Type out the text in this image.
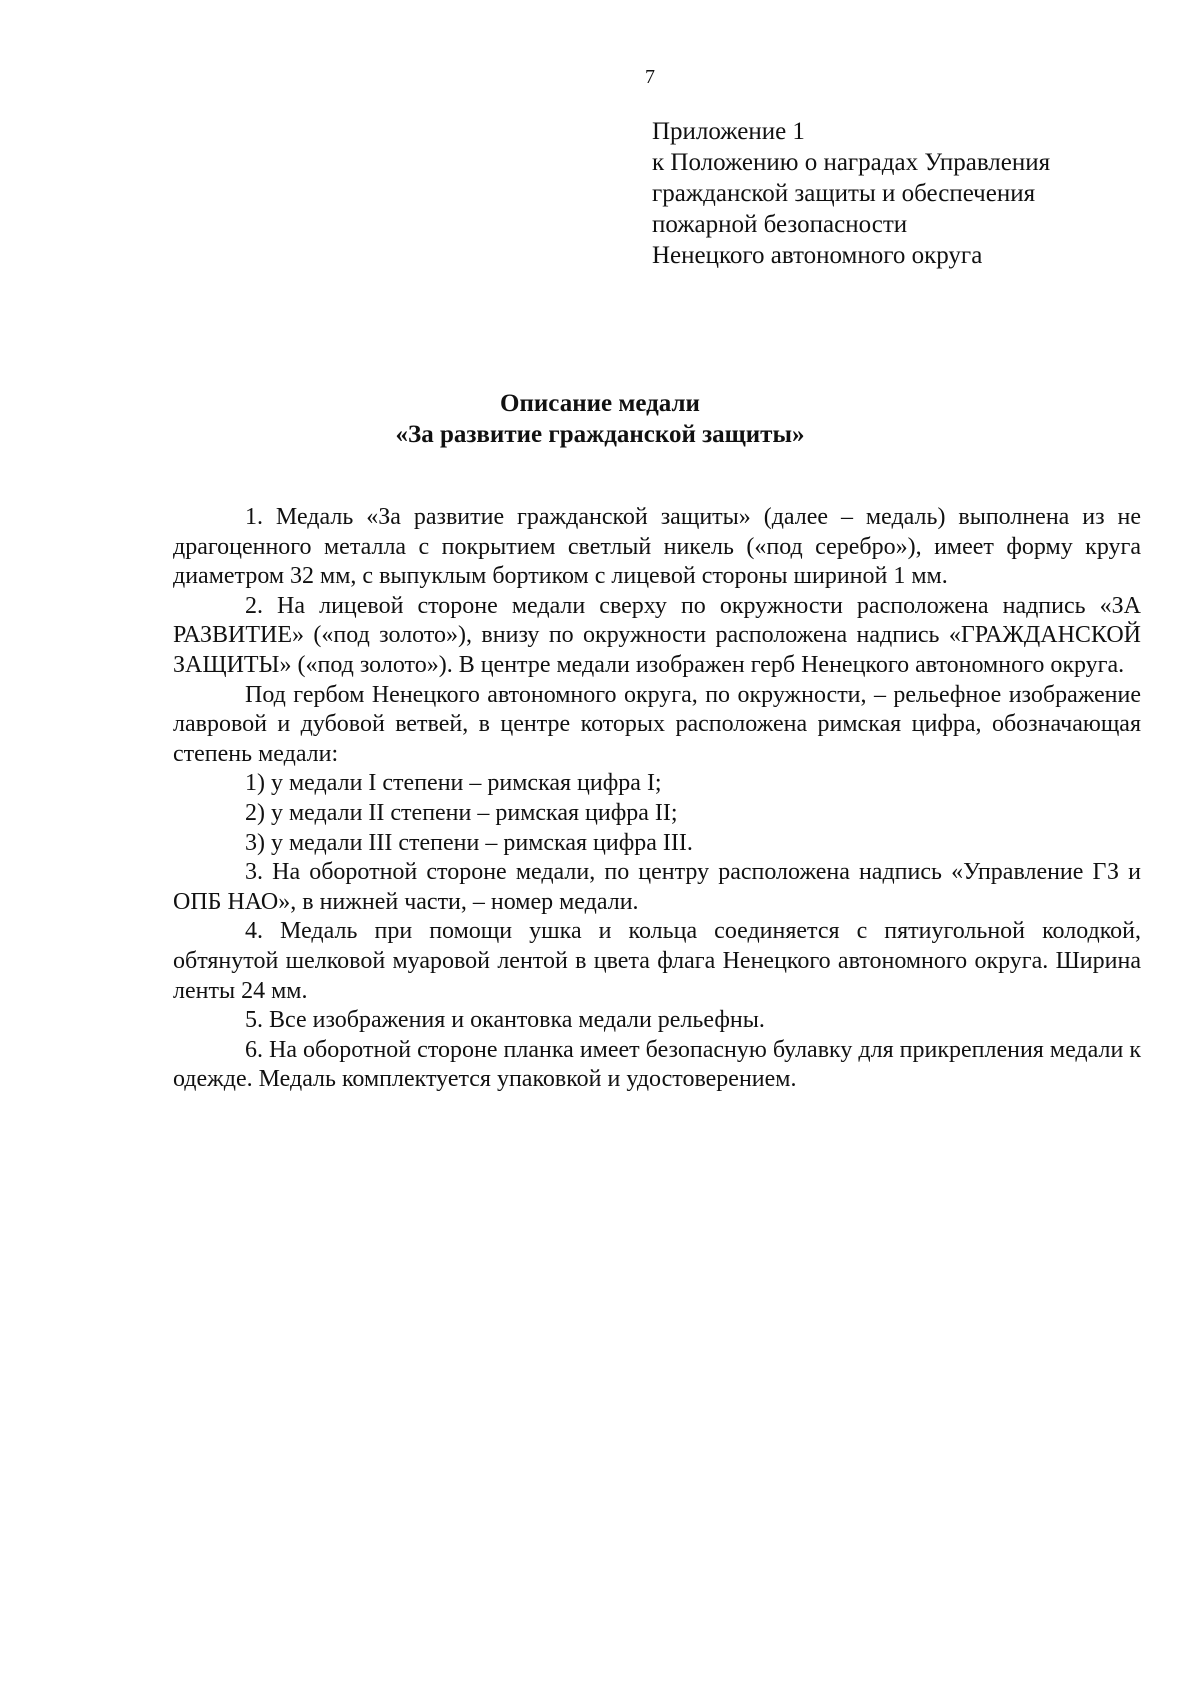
7
Приложение 1
к Положению о наградах Управления
гражданской защиты и обеспечения
пожарной безопасности
Ненецкого автономного округа
Описание медали
«За развитие гражданской защиты»

1. Медаль «За развитие гражданской защиты» (далее – медаль) выполнена из не драгоценного металла с покрытием светлый никель («под серебро»), имеет форму круга диаметром 32 мм, с выпуклым бортиком с лицевой стороны шириной 1 мм.

2. На лицевой стороне медали сверху по окружности расположена надпись «ЗА РАЗВИТИЕ» («под золото»), внизу по окружности расположена надпись «ГРАЖДАНСКОЙ ЗАЩИТЫ» («под золото»). В центре медали изображен герб Ненецкого автономного округа.

Под гербом Ненецкого автономного округа, по окружности, – рельефное изображение лавровой и дубовой ветвей, в центре которых расположена римская цифра, обозначающая степень медали:

1) у медали I степени – римская цифра I;

2) у медали II степени – римская цифра II;

3) у медали III степени – римская цифра III.

3. На оборотной стороне медали, по центру расположена надпись «Управление ГЗ и ОПБ НАО», в нижней части, – номер медали.

4. Медаль при помощи ушка и кольца соединяется с пятиугольной колодкой, обтянутой шелковой муаровой лентой в цвета флага Ненецкого автономного округа. Ширина ленты 24 мм.

5. Все изображения и окантовка медали рельефны.

6. На оборотной стороне планка имеет безопасную булавку для прикрепления медали к одежде. Медаль комплектуется упаковкой и удостоверением.
